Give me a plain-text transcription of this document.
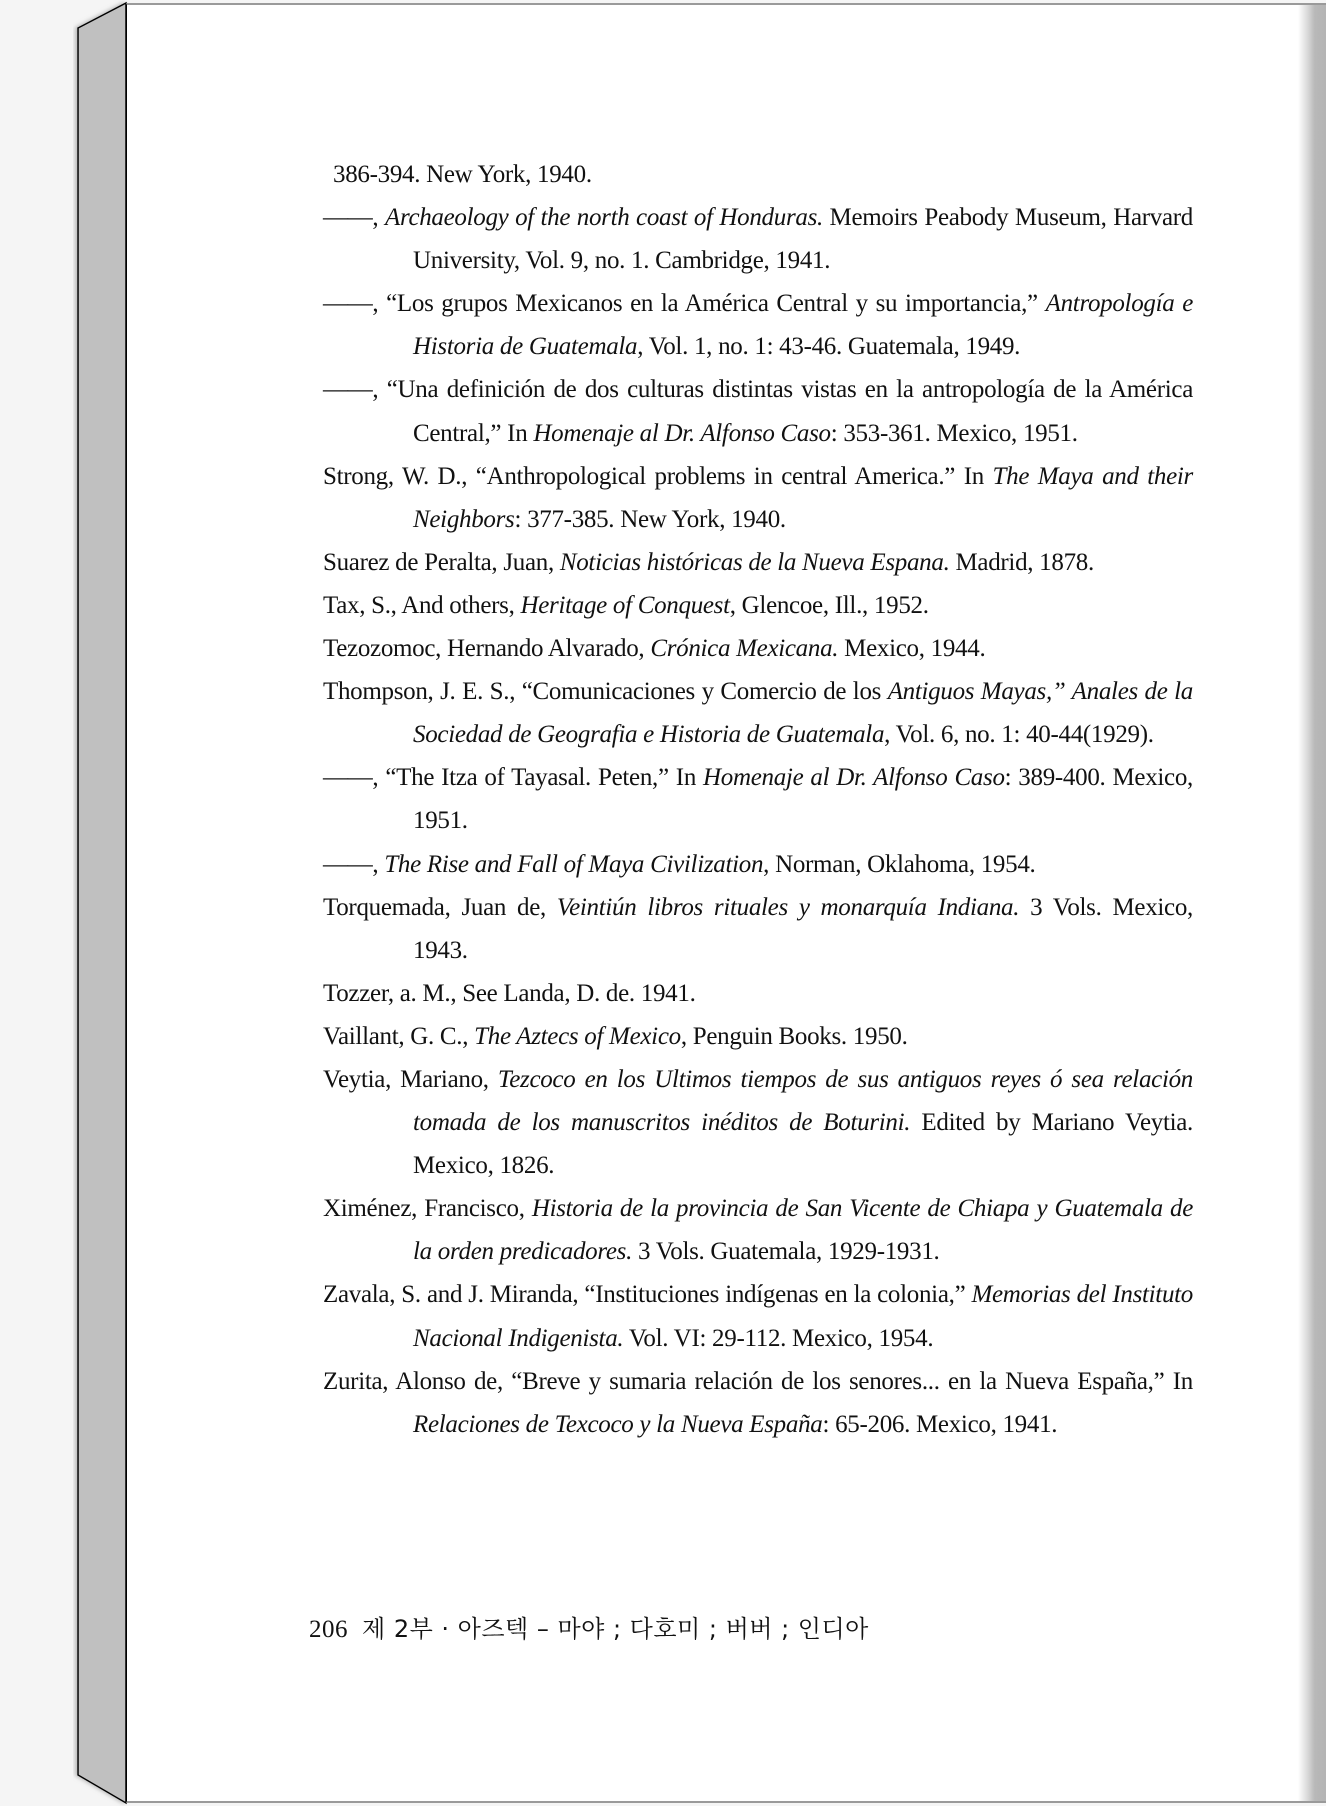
386-394. New York, 1940.
——, Archaeology of the north coast of Honduras. Memoirs Peabody Museum, Harvard University, Vol. 9, no. 1. Cambridge, 1941.
——, “Los grupos Mexicanos en la América Central y su importancia,” Antropología e Historia de Guatemala, Vol. 1, no. 1: 43-46. Guatemala, 1949.
——, “Una definición de dos culturas distintas vistas en la antropología de la América Central,” In Homenaje al Dr. Alfonso Caso: 353-361. Mexico, 1951.
Strong, W. D., “Anthropological problems in central America.” In The Maya and their Neighbors: 377-385. New York, 1940.
Suarez de Peralta, Juan, Noticias históricas de la Nueva Espana. Madrid, 1878.
Tax, S., And others, Heritage of Conquest, Glencoe, Ill., 1952.
Tezozomoc, Hernando Alvarado, Crónica Mexicana. Mexico, 1944.
Thompson, J. E. S., “Comunicaciones y Comercio de los Antiguos Mayas,” Anales de la Sociedad de Geografia e Historia de Guatemala, Vol. 6, no. 1: 40-44(1929).
——, “The Itza of Tayasal. Peten,” In Homenaje al Dr. Alfonso Caso: 389-400. Mexico, 1951.
——, The Rise and Fall of Maya Civilization, Norman, Oklahoma, 1954.
Torquemada, Juan de, Veintiún libros rituales y monarquía Indiana. 3 Vols. Mexico, 1943.
Tozzer, a. M., See Landa, D. de. 1941.
Vaillant, G. C., The Aztecs of Mexico, Penguin Books. 1950.
Veytia, Mariano, Tezcoco en los Ultimos tiempos de sus antiguos reyes ó sea relación tomada de los manuscritos inéditos de Boturini. Edited by Mariano Veytia. Mexico, 1826.
Ximénez, Francisco, Historia de la provincia de San Vicente de Chiapa y Guatemala de la orden predicadores. 3 Vols. Guatemala, 1929-1931.
Zavala, S. and J. Miranda, “Instituciones indígenas en la colonia,” Memorias del Instituto Nacional Indigenista. Vol. VI: 29-112. Mexico, 1954.
Zurita, Alonso de, “Breve y sumaria relación de los senores... en la Nueva España,” In Relaciones de Texcoco y la Nueva España: 65-206. Mexico, 1941.
206 제 2부 · 아즈텍 – 마야 ; 다호미 ; 버버 ; 인디아
